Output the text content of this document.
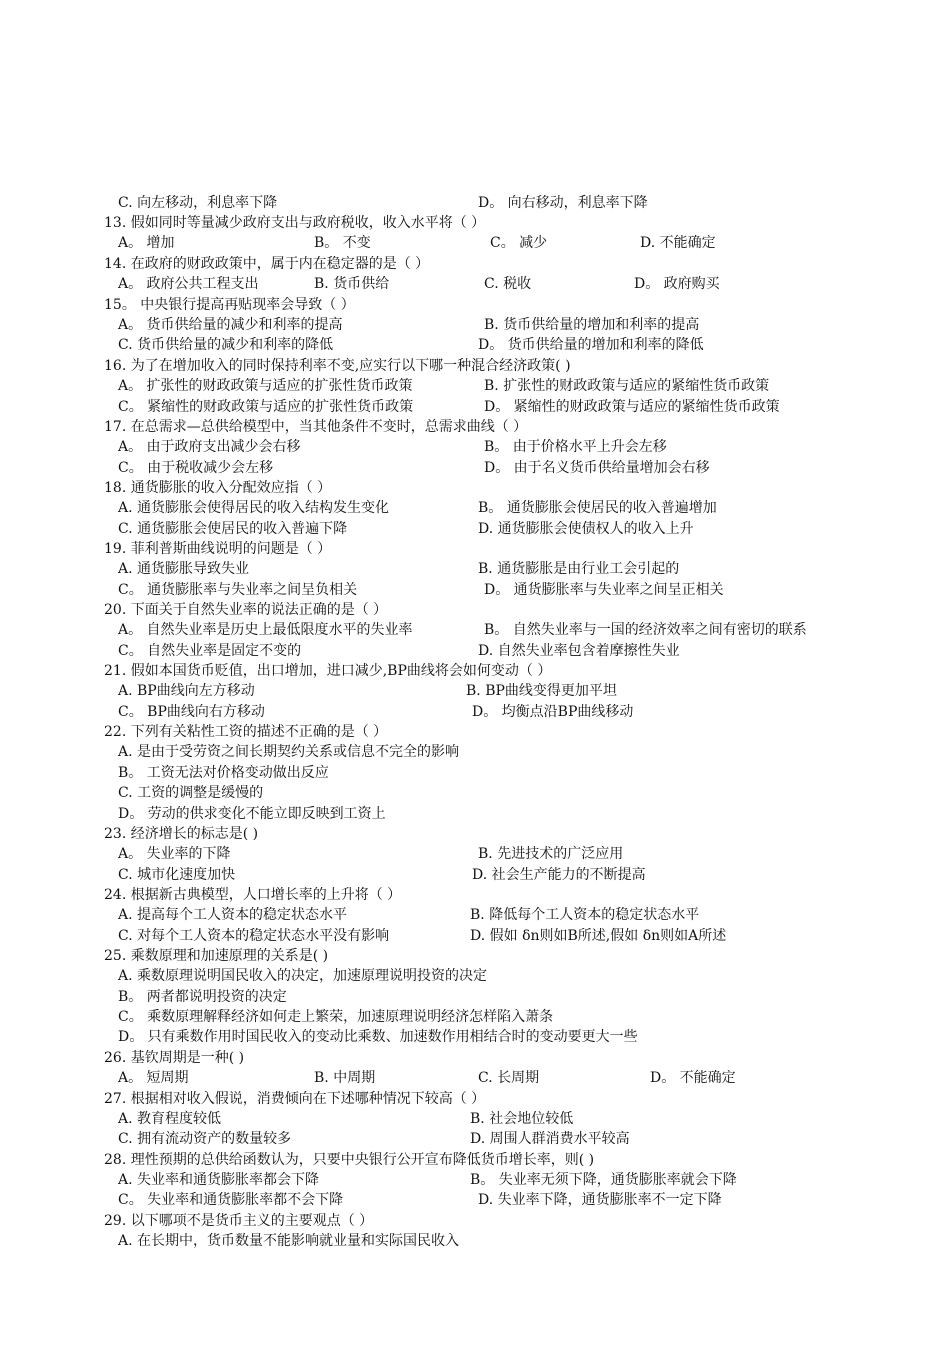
C. 向左移动，利息率下降	D。 向右移动，利息率下降
13. 假如同时等量减少政府支出与政府税收，收入水平将（ ）
A。 增加	B。 不变	C。 减少	D. 不能确定
14. 在政府的财政政策中，属于内在稳定器的是（ ）
A。 政府公共工程支出	B. 货币供给	C. 税收	D。 政府购买
15。 中央银行提高再贴现率会导致（ ）
A。 货币供给量的减少和利率的提高	B. 货币供给量的增加和利率的提高
C. 货币供给量的减少和利率的降低	D。 货币供给量的增加和利率的降低
16. 为了在增加收入的同时保持利率不变,应实行以下哪一种混合经济政策( )
A。 扩张性的财政政策与适应的扩张性货币政策	B. 扩张性的财政政策与适应的紧缩性货币政策
C。 紧缩性的财政政策与适应的扩张性货币政策	D。 紧缩性的财政政策与适应的紧缩性货币政策
17. 在总需求—总供给模型中，当其他条件不变时，总需求曲线（ ）
A。 由于政府支出减少会右移	B。 由于价格水平上升会左移
C。 由于税收减少会左移	D。 由于名义货币供给量增加会右移
18. 通货膨胀的收入分配效应指（ ）
A. 通货膨胀会使得居民的收入结构发生变化	B。 通货膨胀会使居民的收入普遍增加
C. 通货膨胀会使居民的收入普遍下降	D. 通货膨胀会使债权人的收入上升
19. 菲利普斯曲线说明的问题是（ ）
A. 通货膨胀导致失业	B. 通货膨胀是由行业工会引起的
C。 通货膨胀率与失业率之间呈负相关	D。 通货膨胀率与失业率之间呈正相关
20. 下面关于自然失业率的说法正确的是（ ）
A。 自然失业率是历史上最低限度水平的失业率	B。 自然失业率与一国的经济效率之间有密切的联系
C。 自然失业率是固定不变的	D. 自然失业率包含着摩擦性失业
21. 假如本国货币贬值，出口增加，进口减少,BP曲线将会如何变动（ ）
A. BP曲线向左方移动	B. BP曲线变得更加平坦
C。 BP曲线向右方移动	D。 均衡点沿BP曲线移动
22. 下列有关粘性工资的描述不正确的是（ ）
A. 是由于受劳资之间长期契约关系或信息不完全的影响
B。 工资无法对价格变动做出反应
C. 工资的调整是缓慢的
D。 劳动的供求变化不能立即反映到工资上
23. 经济增长的标志是( )
A。 失业率的下降	B. 先进技术的广泛应用
C. 城市化速度加快	D. 社会生产能力的不断提高
24. 根据新古典模型，人口增长率的上升将（ ）
A. 提高每个工人资本的稳定状态水平	B. 降低每个工人资本的稳定状态水平
C. 对每个工人资本的稳定状态水平没有影响	D. 假如 δn则如B所述,假如 δn则如A所述
25. 乘数原理和加速原理的关系是( )
A. 乘数原理说明国民收入的决定，加速原理说明投资的决定
B。 两者都说明投资的决定
C。 乘数原理解释经济如何走上繁荣，加速原理说明经济怎样陷入萧条
D。 只有乘数作用时国民收入的变动比乘数、加速数作用相结合时的变动要更大一些
26. 基钦周期是一种( )
A。 短周期	B. 中周期	C. 长周期	D。 不能确定
27. 根据相对收入假说，消费倾向在下述哪种情况下较高（ ）
A. 教育程度较低	B. 社会地位较低
C. 拥有流动资产的数量较多	D. 周围人群消费水平较高
28. 理性预期的总供给函数认为，只要中央银行公开宣布降低货币增长率，则( )
A. 失业率和通货膨胀率都会下降	B。 失业率无须下降，通货膨胀率就会下降
C。 失业率和通货膨胀率都不会下降	D. 失业率下降，通货膨胀率不一定下降
29. 以下哪项不是货币主义的主要观点（ ）
A. 在长期中，货币数量不能影响就业量和实际国民收入
